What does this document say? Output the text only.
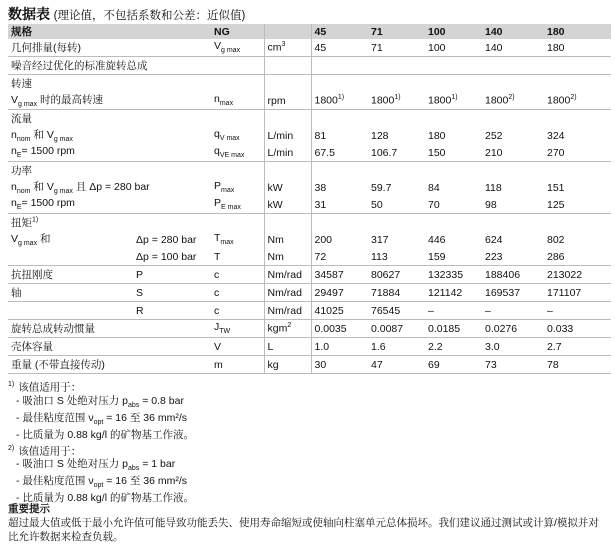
数据表 (理论值，不包括系数和公差：近似值)
规格		NG		45	71	100	140	180
几何排量(每转)		$V_{g max}$	$cm^3$	45	71	100	140	180
噪音经过优化的标准旋转总成								
转速								
$V_{g max}$ 时的最高转速		$n_{max}$	rpm	1800$^{1)}$	1800$^{1)}$	1800$^{1)}$	1800$^{2)}$	1800$^{2)}$
流量								
$n_{nom}$ 和 $V_{g max}$		$q_{V max}$	L/min	81	128	180	252	324
$n_E= 1500$ rpm		$q_{VE max}$	L/min	67.5	106.7	150	210	270
功率								
$n_{nom}$ 和 $V_{g max}$ 且 Δp = 280 bar		$P_{max}$	kW	38	59.7	84	118	151
$n_E= 1500$ rpm		$P_{E max}$	kW	31	50	70	98	125
扭矩$^{1)}$		
$V_{g max}$ 和	Δp = 280 bar	$T_{max}$	Nm	200	317	446	624	802
	Δp = 100 bar	T	Nm	72	113	159	223	286
抗扭刚度	P	c	Nm/rad	34587	80627	132335	188406	213022
轴	S	c	Nm/rad	29497	71884	121142	169537	171107
	R	c	Nm/rad	41025	76545	–	–	–
旋转总成转动惯量		$J_{TW}$	kgm$^2$	0.0035	0.0087	0.0185	0.0276	0.033
壳体容量		V	L	1.0	1.6	2.2	3.0	2.7
重量 (不带直接传动)		m	kg	30	47	69	73	78
$^{1)}$ 该值适用于：
- 吸油口 S 处绝对压力 $p_{abs} = 0.8$ bar
- 最佳粘度范围 $\nu_{opt} = 16$ 至 36 mm²/s
- 比质量为 0.88 kg/l 的矿物基工作液。
$^{2)}$ 该值适用于：
- 吸油口 S 处绝对压力 $p_{abs} = 1$ bar
- 最佳粘度范围 $\nu_{opt} = 16$ 至 36 mm²/s
- 比质量为 0.88 kg/l 的矿物基工作液。
重要提示
超过最大值或低于最小允许值可能导致功能丢失、使用寿命缩短或使轴向柱塞单元总体损坏。我们建议通过测试或计算/模拟并对比允许数据来检查负载。
